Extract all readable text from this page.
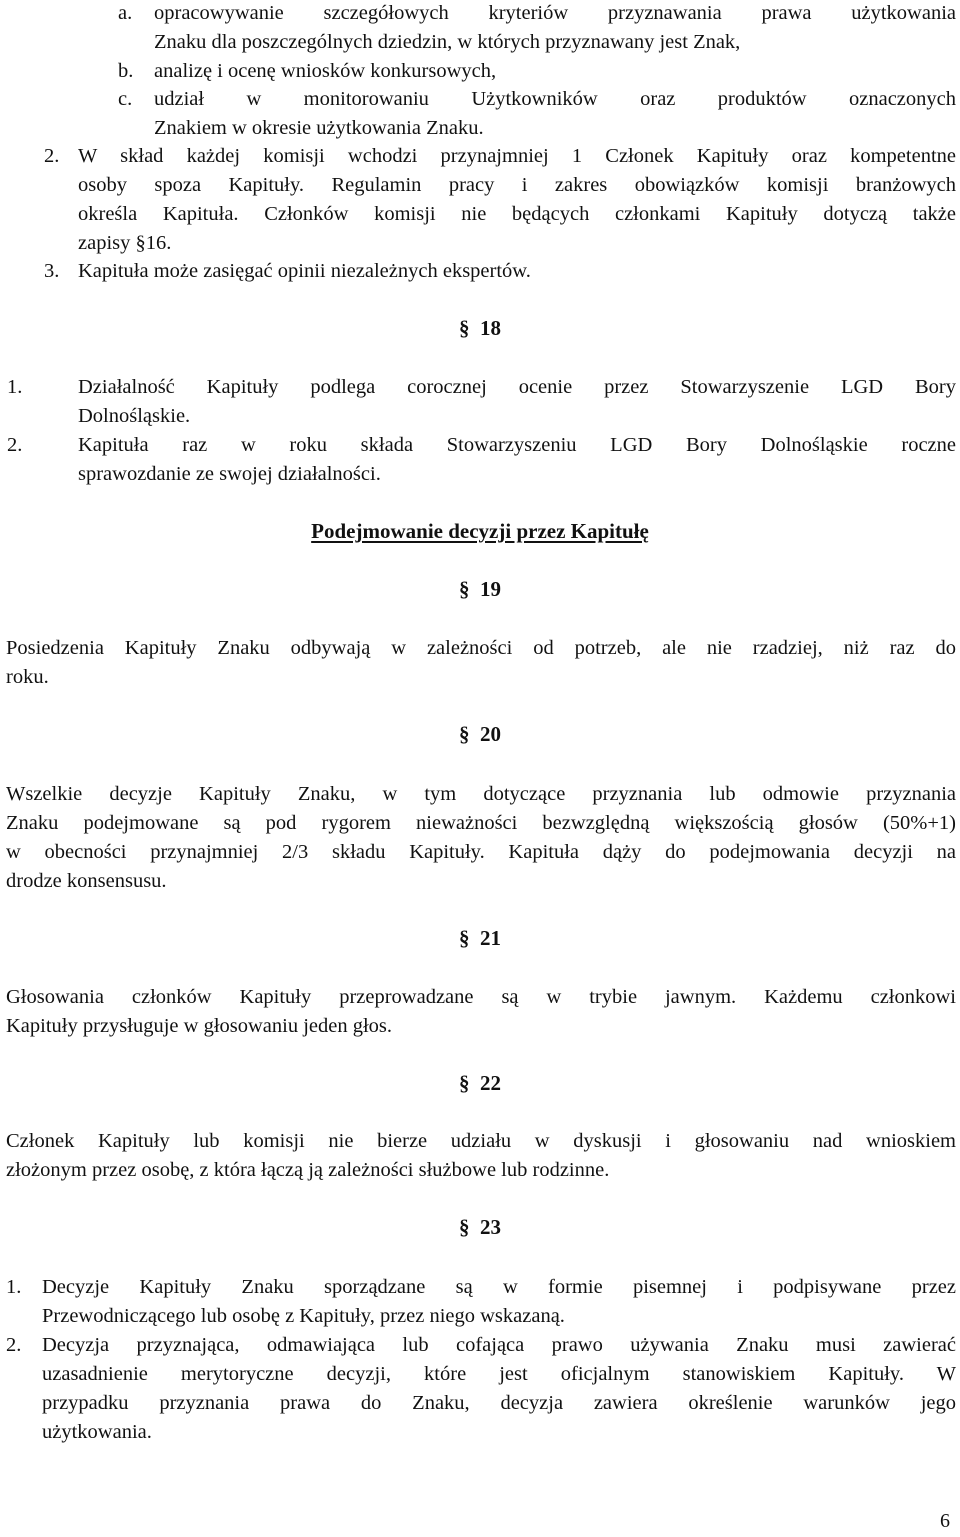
a. opracowywanie szczegółowych kryteriów przyznawania prawa użytkowania
Znaku dla poszczególnych dziedzin, w których przyznawany jest Znak,
b. analizę i ocenę wniosków konkursowych,
c. udział w monitorowaniu Użytkowników oraz produktów oznaczonych
Znakiem w okresie użytkowania Znaku.
2. W skład każdej komisji wchodzi przynajmniej 1 Członek Kapituły oraz kompetentne
osoby spoza Kapituły. Regulamin pracy i zakres obowiązków komisji branżowych
określa Kapituła. Członków komisji nie będących członkami Kapituły dotyczą także
zapisy §16.
3. Kapituła może zasięgać opinii niezależnych ekspertów.
§ 18
1.	Działalność Kapituły podlega corocznej ocenie przez Stowarzyszenie LGD Bory
Dolnośląskie.
2.	Kapituła raz w roku składa Stowarzyszeniu LGD Bory Dolnośląskie roczne
sprawozdanie ze swojej działalności.
Podejmowanie decyzji przez Kapitułę
§ 19
Posiedzenia Kapituły Znaku odbywają w zależności od potrzeb, ale nie rzadziej, niż raz do
roku.
§ 20
Wszelkie decyzje Kapituły Znaku, w tym dotyczące przyznania lub odmowie przyznania
Znaku podejmowane są pod rygorem nieważności bezwzględną większością głosów (50%+1)
w obecności przynajmniej 2/3 składu Kapituły. Kapituła dąży do podejmowania decyzji na
drodze konsensusu.
§ 21
Głosowania członków Kapituły przeprowadzane są w trybie jawnym. Każdemu członkowi
Kapituły przysługuje w głosowaniu jeden głos.
§ 22
Członek Kapituły lub komisji nie bierze udziału w dyskusji i głosowaniu nad wnioskiem
złożonym przez osobę, z która łączą ją zależności służbowe lub rodzinne.
§ 23
1. Decyzje Kapituły Znaku sporządzane są w formie pisemnej i podpisywane przez
Przewodniczącego lub osobę z Kapituły, przez niego wskazaną.
2. Decyzja przyznająca, odmawiająca lub cofająca prawo używania Znaku musi zawierać
uzasadnienie merytoryczne decyzji, które jest oficjalnym stanowiskiem Kapituły. W
przypadku przyznania prawa do Znaku, decyzja zawiera określenie warunków jego
użytkowania.
6
